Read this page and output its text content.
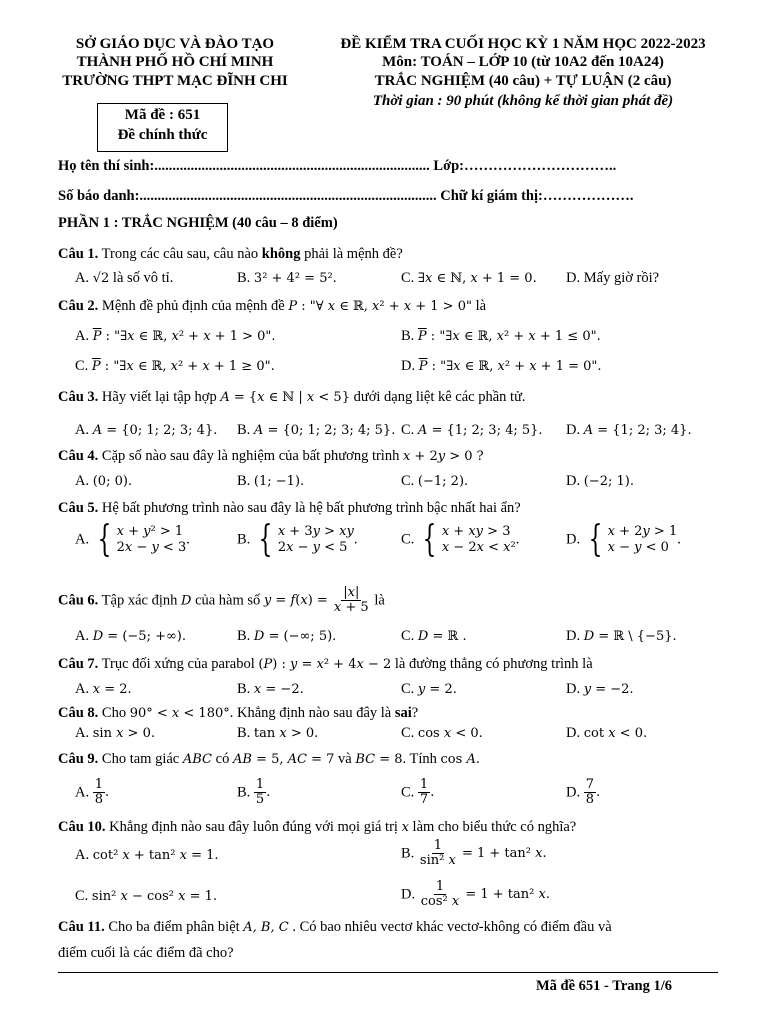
SỞ GIÁO DỤC VÀ ĐÀO TẠO
THÀNH PHỐ HỒ CHÍ MINH
TRƯỜNG THPT MẠC ĐĨNH CHI
Mã đề : 651
Đề chính thức
ĐỀ KIỂM TRA CUỐI HỌC KỲ 1 NĂM HỌC 2022-2023
Môn: TOÁN – LỚP 10 (từ 10A2 đến 10A24)
TRẮC NGHIỆM (40 câu) + TỰ LUẬN (2 câu)
Thời gian : 90 phút (không kể thời gian phát đề)
Họ tên thí sinh:............................................................................ Lớp:…………………………..
Số báo danh:.................................................................................. Chữ kí giám thị:……………….
PHẦN 1 : TRẮC NGHIỆM (40 câu – 8 điểm)
Câu 1. Trong các câu sau, câu nào không phải là mệnh đề?
A. √2 là số vô tỉ.	B. 3² + 4² = 5².	C. ∃x ∈ ℕ, x + 1 = 0. D. Mấy giờ rồi?
Câu 2. Mệnh đề phủ định của mệnh đề P : "∀ x ∈ ℝ, x² + x + 1 > 0" là
A. $\overline{P}$ : "∃x ∈ ℝ, x² + x + 1 > 0".	B. $\overline{P}$ : "∃x ∈ ℝ, x² + x + 1 ≤ 0".
C. $\overline{P}$ : "∃x ∈ ℝ, x² + x + 1 ≥ 0".	D. $\overline{P}$ : "∃x ∈ ℝ, x² + x + 1 = 0".
Câu 3. Hãy viết lại tập hợp A = {x ∈ ℕ | x < 5} dưới dạng liệt kê các phần tử.
A. A = {0; 1; 2; 3; 4}. B. A = {0; 1; 2; 3; 4; 5}. C. A = {1; 2; 3; 4; 5}. D. A = {1; 2; 3; 4}.
Câu 4. Cặp số nào sau đây là nghiệm của bất phương trình x + 2y > 0 ?
A. (0; 0).	B. (1; −1).	C. (−1; 2).	D. (−2; 1).
Câu 5. Hệ bất phương trình nào sau đây là hệ bất phương trình bậc nhất hai ẩn?
A. { x + y² > 1
2x − y < 3
.	B. { x + 3y > xy
2x − y < 5
.	C. { x + xy > 3
x − 2x < x²
.	D. { x + 2y > 1
x − y < 0
.
Câu 6. Tập xác định D của hàm số $y = f(x) = \frac{|x|}{x + 5}$ là
A. D = (−5; +∞).	B. D = (−∞; 5).	C. D = ℝ .	D. D = ℝ \ {−5}.
Câu 7. Trục đối xứng của parabol (P) : y = x² + 4x − 2 là đường thẳng có phương trình là
A. x = 2.	B. x = −2.	C. y = 2.	D. y = −2.
Câu 8. Cho 90° < x < 180°. Khẳng định nào sau đây là sai?
A. sin x > 0.	B. tan x > 0.	C. cos x < 0.	D. cot x < 0.
Câu 9. Cho tam giác ABC có AB = 5, AC = 7 và BC = 8. Tính cos A.
A. $\frac{1}{8}$ .	B. $\frac{1}{5}$ .	C. $\frac{1}{7}$ .	D. $\frac{7}{8}$ .
Câu 10. Khẳng định nào sau đây luôn đúng với mọi giá trị x làm cho biểu thức có nghĩa?
A. cot² x + tan² x = 1.	B. $\frac{1}{\text{sin² x}} = 1 + \tan^2$ x.
C. sin² x − cos² x = 1.	D. $\frac{1}{\text{cos² x}} = 1 + \tan^2$ x.
Câu 11. Cho ba điểm phân biệt A, B, C . Có bao nhiêu vectơ khác vectơ-không có điểm đầu và
điểm cuối là các điểm đã cho?
Mã đề 651 - Trang 1/6
